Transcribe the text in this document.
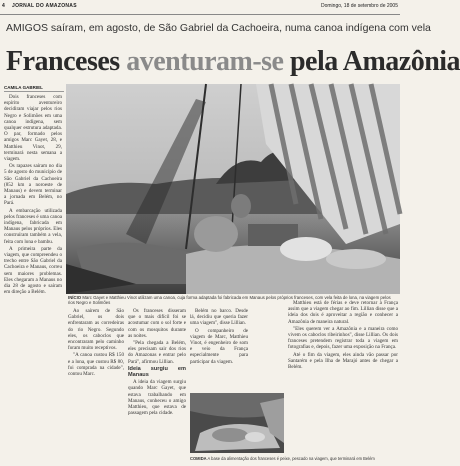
4 JORNAL DO AMAZONAS	Domingo, 18 de setembro de 2005
AMIGOS saíram, em agosto, de São Gabriel da Cachoeira, numa canoa indígena com vela
Franceses aventuram-se pela Amazônia
CAMILA GABRIEL

Dois franceses com espírito aventureiro decidiram viajar pelos rios Negro e Solimões em uma canoa indígena, sem qualquer estrutura adaptada. O par, formado pelos amigos Marc Gayet, 28, e Matthieu Vinot, 29, terminará nesta semana a viagem.

Os rapazes saíram no dia 5 de agosto do município de São Gabriel da Cachoeira (852 km a noroeste de Manaus) e devem terminar a jornada em Belém, no Pará.

A embarcação utilizada pelos franceses é uma canoa indígena, fabricada em Manaus pelos próprios. Eles construíram também a vela, feita com lona e bambu.

A primeira parte da viagem, que compreendeu o trecho entre São Gabriel da Cachoeira e Manaus, correu sem maiores problemas. Eles chegaram a Manaus no dia 28 de agosto e saíram em direção a Belém.

INÍCIO Marc Gayet e Matthieu Vinot utilizam uma canoa, cuja forma adaptada foi fabricada em Manaus pelos próprios franceses, com vela feita de lona, na viagem pelos rios Negro e Solimões

Ao saírem de São Gabriel, os dois enfrentaram as corredeiras do rio Negro. Segundo eles, os caboclos que encontraram pelo caminho foram muito receptivos.

"A canoa custou R$ 150 e a lona, que custou R$ 80, foi comprada na cidade", contou Marc.

Os franceses disseram que o mais difícil foi se acostumar com o sol forte e com os mosquitos durante as noites.

"Pela chegada a Belém, eles precisam sair dos rios do Amazonas e entrar pelo Pará", afirmou Lillian.

Ideia surgiu em Manaus

A ideia da viagem surgiu quando Marc Gayet, que estava trabalhando em Manaus, conheceu o amigo Matthieu, que estava de passagem pela cidade.

Belém no barco. Desde lá, decidiu que queria fazer uma viagem", disse Lillian.

O companheiro de viagem de Marc, Matthieu Vinot, é engenheiro de som e veio da França especialmente para participar da viagem.

COMIDA A base da alimentação dos franceses é peixe, pescado na viagem, que terminará em Belém

Matthieu está de férias e deve retornar à França assim que a viagem chegar ao fim. Lillian disse que a ideia dos dois é aproveitar a região e conhecer a Amazônia de maneira natural.

"Eles querem ver a Amazônia e a maneira como vivem os caboclos ribeirinhos", disse Lillian. Os dois franceses pretendem registrar toda a viagem em fotografias e, depois, fazer uma exposição na França.

Até o fim da viagem, eles ainda vão passar por Santarém e pela Ilha de Marajó antes de chegar a Belém.
